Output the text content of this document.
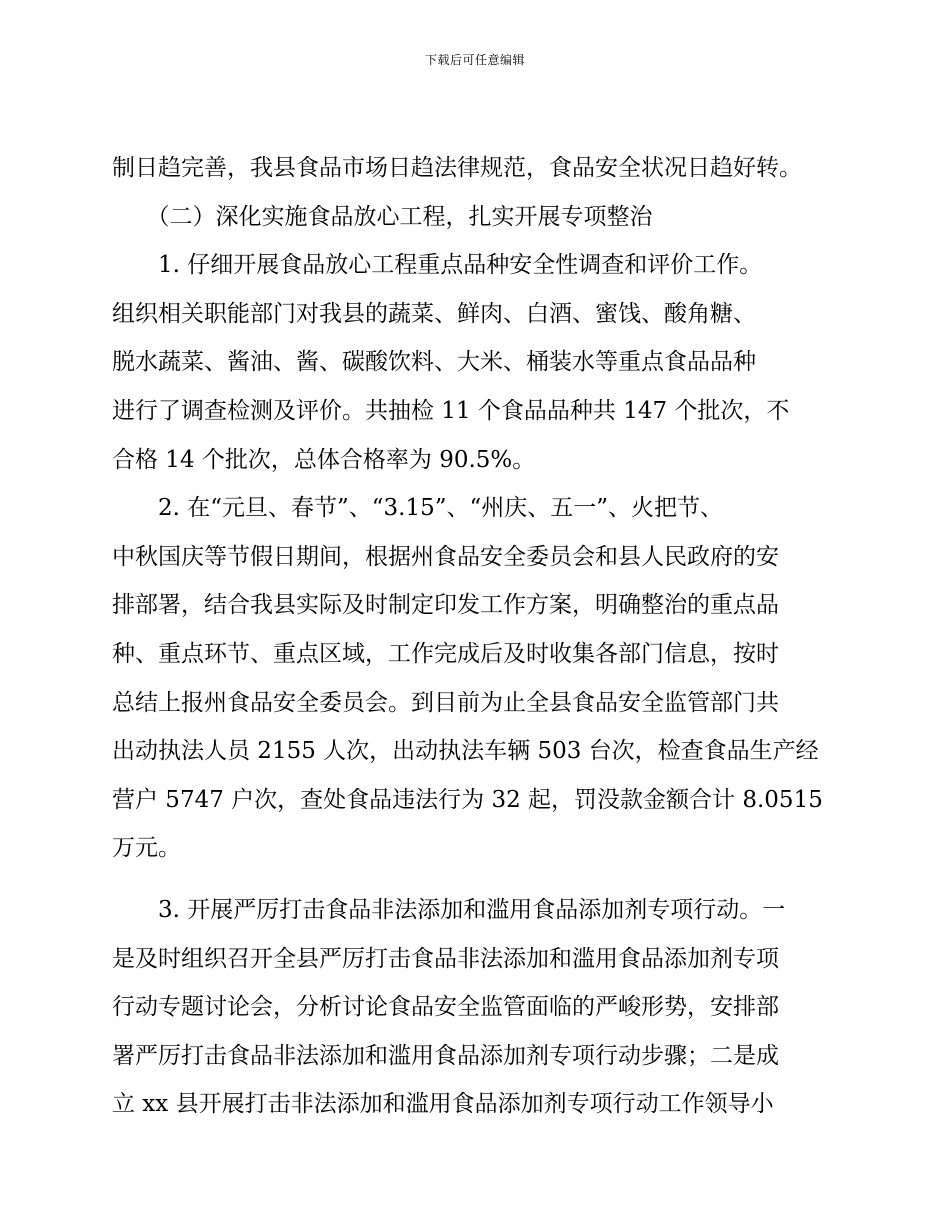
下载后可任意编辑
制日趋完善，我县食品市场日趋法律规范，食品安全状况日趋好转。
　　（二）深化实施食品放心工程，扎实开展专项整治
　　1. 仔细开展食品放心工程重点品种安全性调查和评价工作。
组织相关职能部门对我县的蔬菜、鲜肉、白酒、蜜饯、酸角糖、
脱水蔬菜、酱油、酱、碳酸饮料、大米、桶装水等重点食品品种
进行了调查检测及评价。共抽检 11 个食品品种共 147 个批次，不
合格 14 个批次，总体合格率为 90.5%。
　　2. 在“元旦、春节”、“3.15”、“州庆、五一”、火把节、
中秋国庆等节假日期间，根据州食品安全委员会和县人民政府的安
排部署，结合我县实际及时制定印发工作方案，明确整治的重点品
种、重点环节、重点区域，工作完成后及时收集各部门信息，按时
总结上报州食品安全委员会。到目前为止全县食品安全监管部门共
出动执法人员 2155 人次，出动执法车辆 503 台次，检查食品生产经
营户 5747 户次，查处食品违法行为 32 起，罚没款金额合计 8.0515
万元。
　　3. 开展严厉打击食品非法添加和滥用食品添加剂专项行动。一
是及时组织召开全县严厉打击食品非法添加和滥用食品添加剂专项
行动专题讨论会，分析讨论食品安全监管面临的严峻形势，安排部
署严厉打击食品非法添加和滥用食品添加剂专项行动步骤；二是成
立 xx 县开展打击非法添加和滥用食品添加剂专项行动工作领导小
